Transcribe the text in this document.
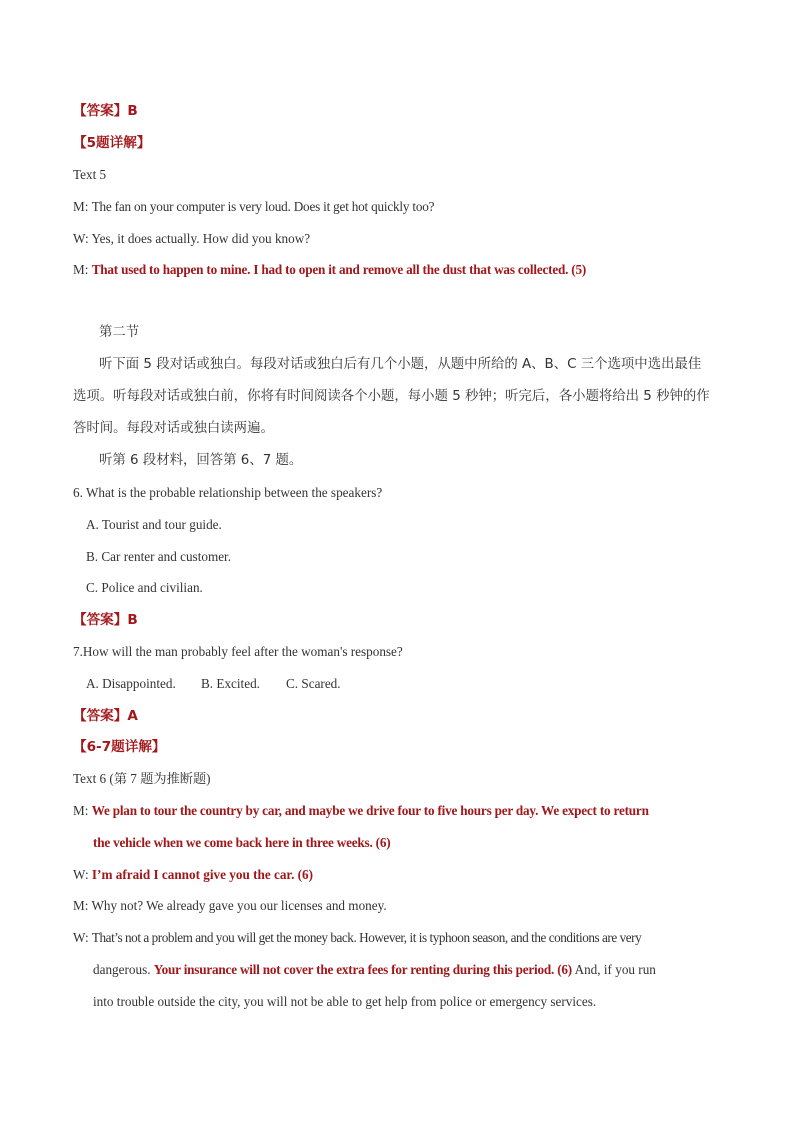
【答案】B
【5题详解】
Text 5
M: The fan on your computer is very loud. Does it get hot quickly too?
W: Yes, it does actually. How did you know?
M: That used to happen to mine. I had to open it and remove all the dust that was collected. (5)
第二节
听下面 5 段对话或独白。每段对话或独白后有几个小题，从题中所给的 A、B、C 三个选项中选出最佳
选项。听每段对话或独白前，你将有时间阅读各个小题，每小题 5 秒钟；听完后，各小题将给出 5 秒钟的作
答时间。每段对话或独白读两遍。
听第 6 段材料，回答第 6、7 题。
6. What is the probable relationship between the speakers?
A. Tourist and tour guide.
B. Car renter and customer.
C. Police and civilian.
【答案】B
7.How will the man probably feel after the woman's response?
A. Disappointed. B. Excited. C. Scared.
【答案】A
【6-7题详解】
Text 6 (第 7 题为推断题)
M: We plan to tour the country by car, and maybe we drive four to five hours per day. We expect to return
the vehicle when we come back here in three weeks. (6)
W: I’m afraid I cannot give you the car. (6)
M: Why not? We already gave you our licenses and money.
W: That’s not a problem and you will get the money back. However, it is typhoon season, and the conditions are very
dangerous. Your insurance will not cover the extra fees for renting during this period. (6) And, if you run
into trouble outside the city, you will not be able to get help from police or emergency services.
